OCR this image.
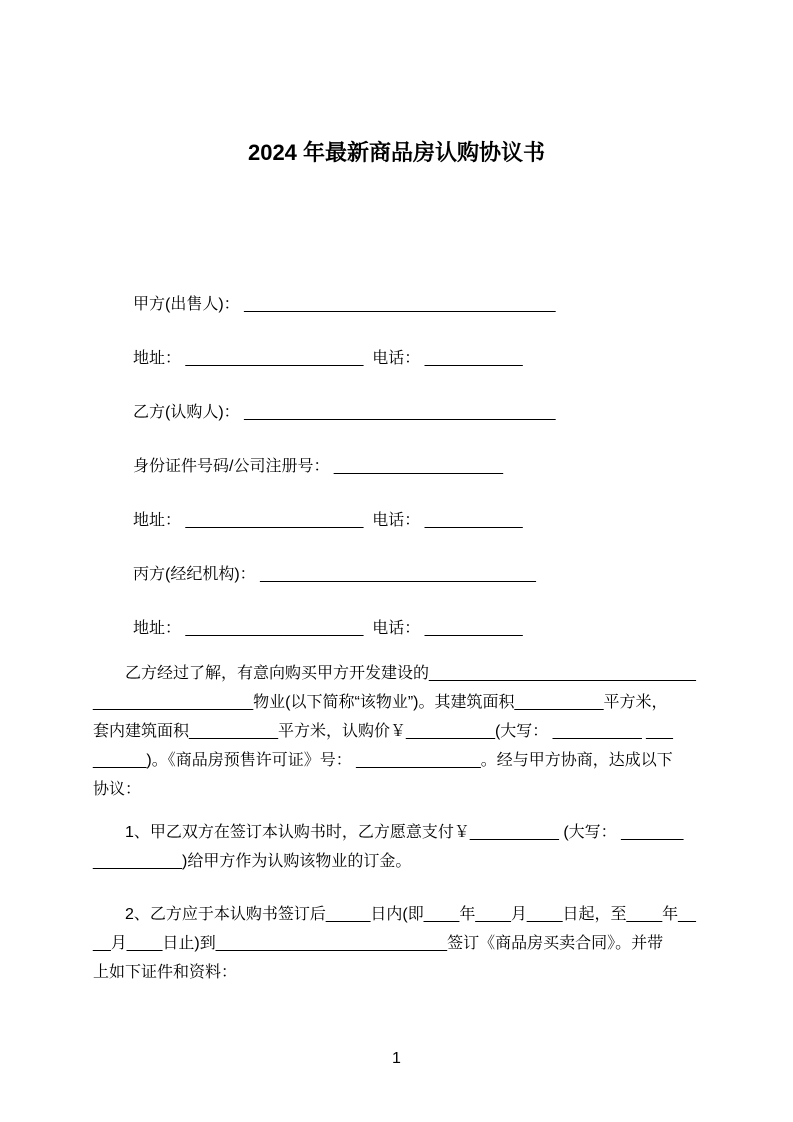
2024 年最新商品房认购协议书
甲方(出售人)： ___________________________________
地址： ____________________  电话： ___________
乙方(认购人)： ___________________________________
身份证件号码/公司注册号： ___________________
地址： ____________________  电话： ___________
丙方(经纪机构)： _______________________________
地址： ____________________  电话： ___________
乙方经过了解，有意向购买甲方开发建设的______________________________
__________________物业(以下简称“该物业”)。其建筑面积__________平方米，
套内建筑面积__________平方米，认购价￥__________(大写： __________ ___
______)。《商品房预售许可证》号： ______________。经与甲方协商，达成以下
协议：
1、甲乙双方在签订本认购书时，乙方愿意支付￥__________ (大写： _______
__________)给甲方作为认购该物业的订金。
2、乙方应于本认购书签订后_____日内(即____年____月____日起，至____年__
__月____日止)到__________________________签订《商品房买卖合同》。并带
上如下证件和资料：
1
